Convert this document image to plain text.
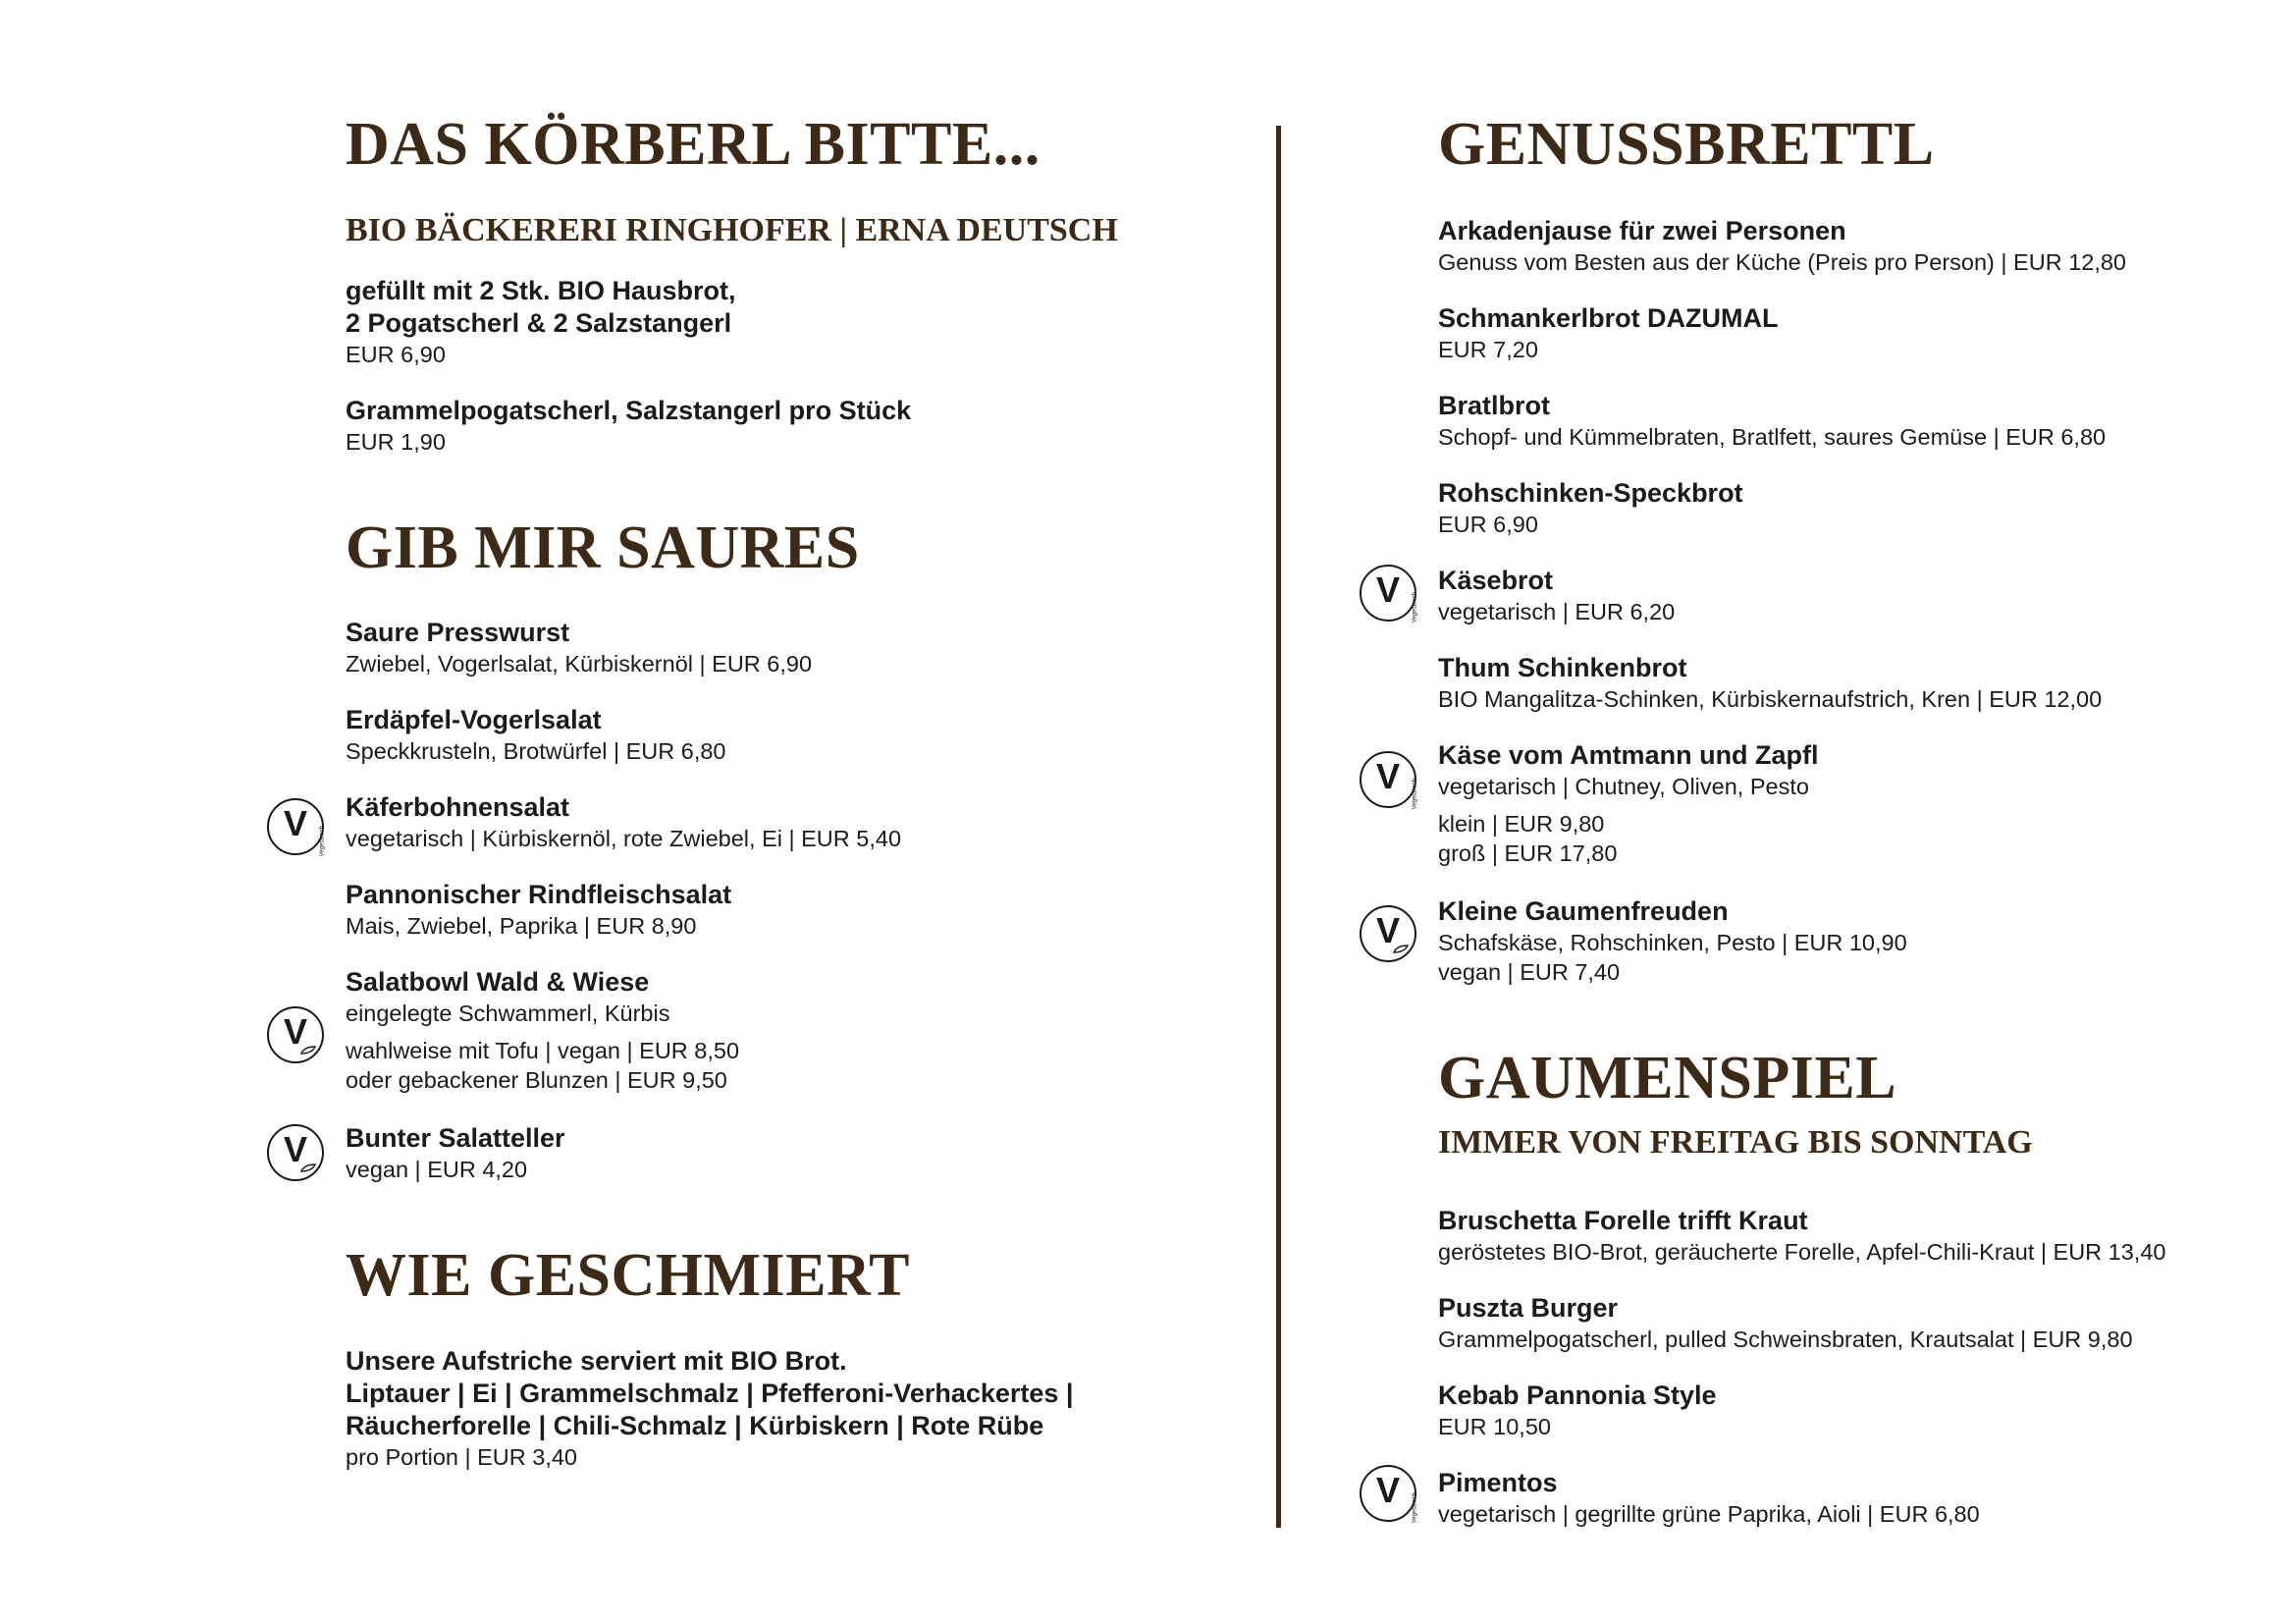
DAS KÖRBERL BITTE...
BIO BÄCKERERI RINGHOFER | ERNA DEUTSCH
gefüllt mit 2 Stk. BIO Hausbrot,
2 Pogatscherl & 2 Salzstangerl
EUR 6,90
Grammelpogatscherl, Salzstangerl pro Stück
EUR 1,90
GIB MIR SAURES
Saure Presswurst
Zwiebel, Vogerlsalat, Kürbiskernöl | EUR 6,90
Erdäpfel-Vogerlsalat
Speckkrusteln, Brotwürfel | EUR 6,80
Käferbohnensalat
vegetarisch | Kürbiskernöl, rote Zwiebel, Ei | EUR 5,40
Pannonischer Rindfleischsalat
Mais, Zwiebel, Paprika | EUR 8,90
Salatbowl Wald & Wiese
eingelegte Schwammerl, Kürbis
wahlweise mit Tofu | vegan | EUR 8,50
oder gebackener Blunzen | EUR 9,50
Bunter Salatteller
vegan | EUR 4,20
WIE GESCHMIERT
Unsere Aufstriche serviert mit BIO Brot.
Liptauer | Ei | Grammelschmalz | Pfefferoni-Verhackertes |
Räucherforelle | Chili-Schmalz | Kürbiskern | Rote Rübe
pro Portion | EUR 3,40
V	Vegetarisch
V
V
GENUSSBRETTL
Arkadenjause für zwei Personen
Genuss vom Besten aus der Küche (Preis pro Person) | EUR 12,80
Schmankerlbrot DAZUMAL
EUR 7,20
Bratlbrot
Schopf- und Kümmelbraten, Bratlfett, saures Gemüse | EUR 6,80
Rohschinken-Speckbrot
EUR 6,90
Käsebrot
vegetarisch | EUR 6,20
Thum Schinkenbrot
BIO Mangalitza-Schinken, Kürbiskernaufstrich, Kren | EUR 12,00
Käse vom Amtmann und Zapfl
vegetarisch | Chutney, Oliven, Pesto
klein | EUR 9,80
groß | EUR 17,80
Kleine Gaumenfreuden
Schafskäse, Rohschinken, Pesto | EUR 10,90
vegan | EUR 7,40
GAUMENSPIEL
IMMER VON FREITAG BIS SONNTAG
Bruschetta Forelle trifft Kraut
geröstetes BIO-Brot, geräucherte Forelle, Apfel-Chili-Kraut | EUR 13,40
Puszta Burger
Grammelpogatscherl, pulled Schweinsbraten, Krautsalat | EUR 9,80
Kebab Pannonia Style
EUR 10,50
Pimentos
vegetarisch | gegrillte grüne Paprika, Aioli | EUR 6,80
V	Vegetarisch
V	Vegetarisch
V
V	Vegetarisch
